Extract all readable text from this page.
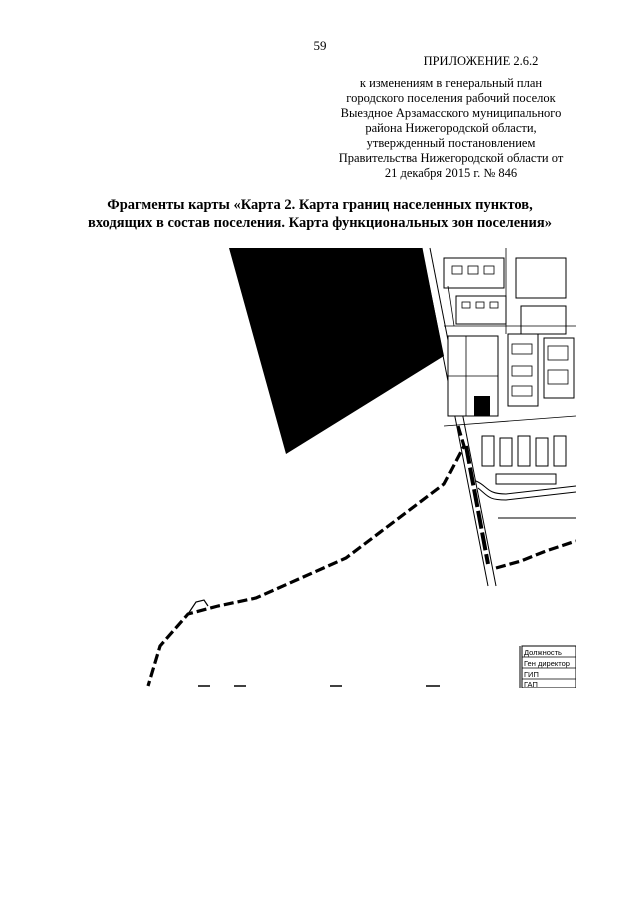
59
ПРИЛОЖЕНИЕ 2.6.2
к изменениям в генеральный план
городского поселения рабочий поселок
Выездное Арзамасского муниципального
района Нижегородской области,
утвержденный постановлением
Правительства Нижегородской области от
21 декабря 2015 г. № 846
Фрагменты карты «Карта 2. Карта границ населенных пунктов,
входящих в состав поселения. Карта функциональных зон поселения»
Должность
Ген директор
ГИП
ГАП
